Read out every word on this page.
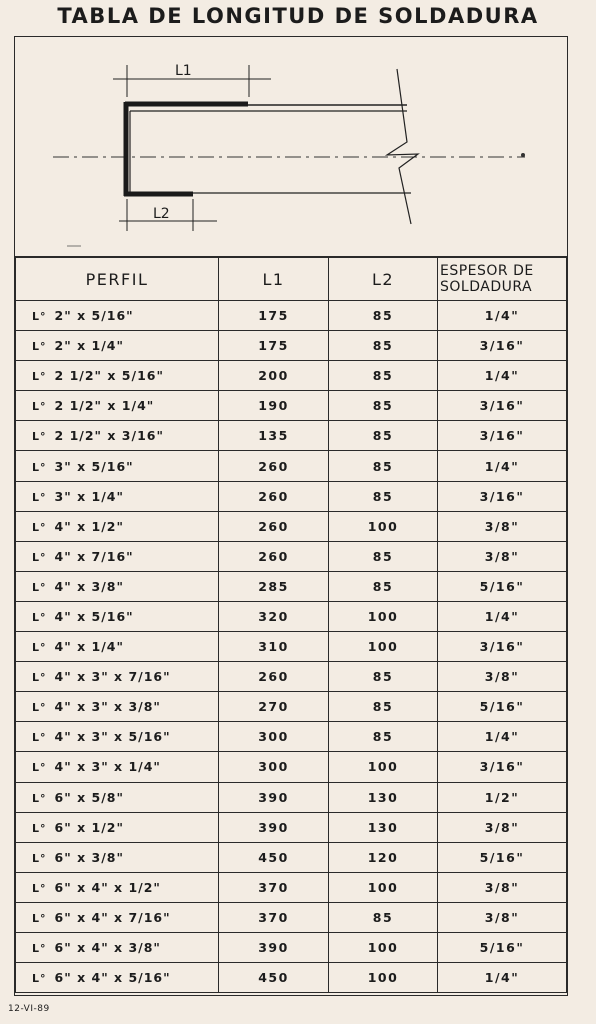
TABLA DE LONGITUD DE SOLDADURA
L1
L2
PERFIL	L1	L2	ESPESOR DE
SOLDADURA

L° 2" x 5/16"	175	85	1/4"
L° 2" x 1/4"	175	85	3/16"
L° 2 1/2" x 5/16"	200	85	1/4"
L° 2 1/2" x 1/4"	190	85	3/16"
L° 2 1/2" x 3/16"	135	85	3/16"
L° 3" x 5/16"	260	85	1/4"
L° 3" x 1/4"	260	85	3/16"
L° 4" x 1/2"	260	100	3/8"
L° 4" x 7/16"	260	85	3/8"
L° 4" x 3/8"	285	85	5/16"
L° 4" x 5/16"	320	100	1/4"
L° 4" x 1/4"	310	100	3/16"
L° 4" x 3" x 7/16"	260	85	3/8"
L° 4" x 3" x 3/8"	270	85	5/16"
L° 4" x 3" x 5/16"	300	85	1/4"
L° 4" x 3" x 1/4"	300	100	3/16"
L° 6" x 5/8"	390	130	1/2"
L° 6" x 1/2"	390	130	3/8"
L° 6" x 3/8"	450	120	5/16"
L° 6" x 4" x 1/2"	370	100	3/8"
L° 6" x 4" x 7/16"	370	85	3/8"
L° 6" x 4" x 3/8"	390	100	5/16"
L° 6" x 4" x 5/16"	450	100	1/4"
12-VI-89
